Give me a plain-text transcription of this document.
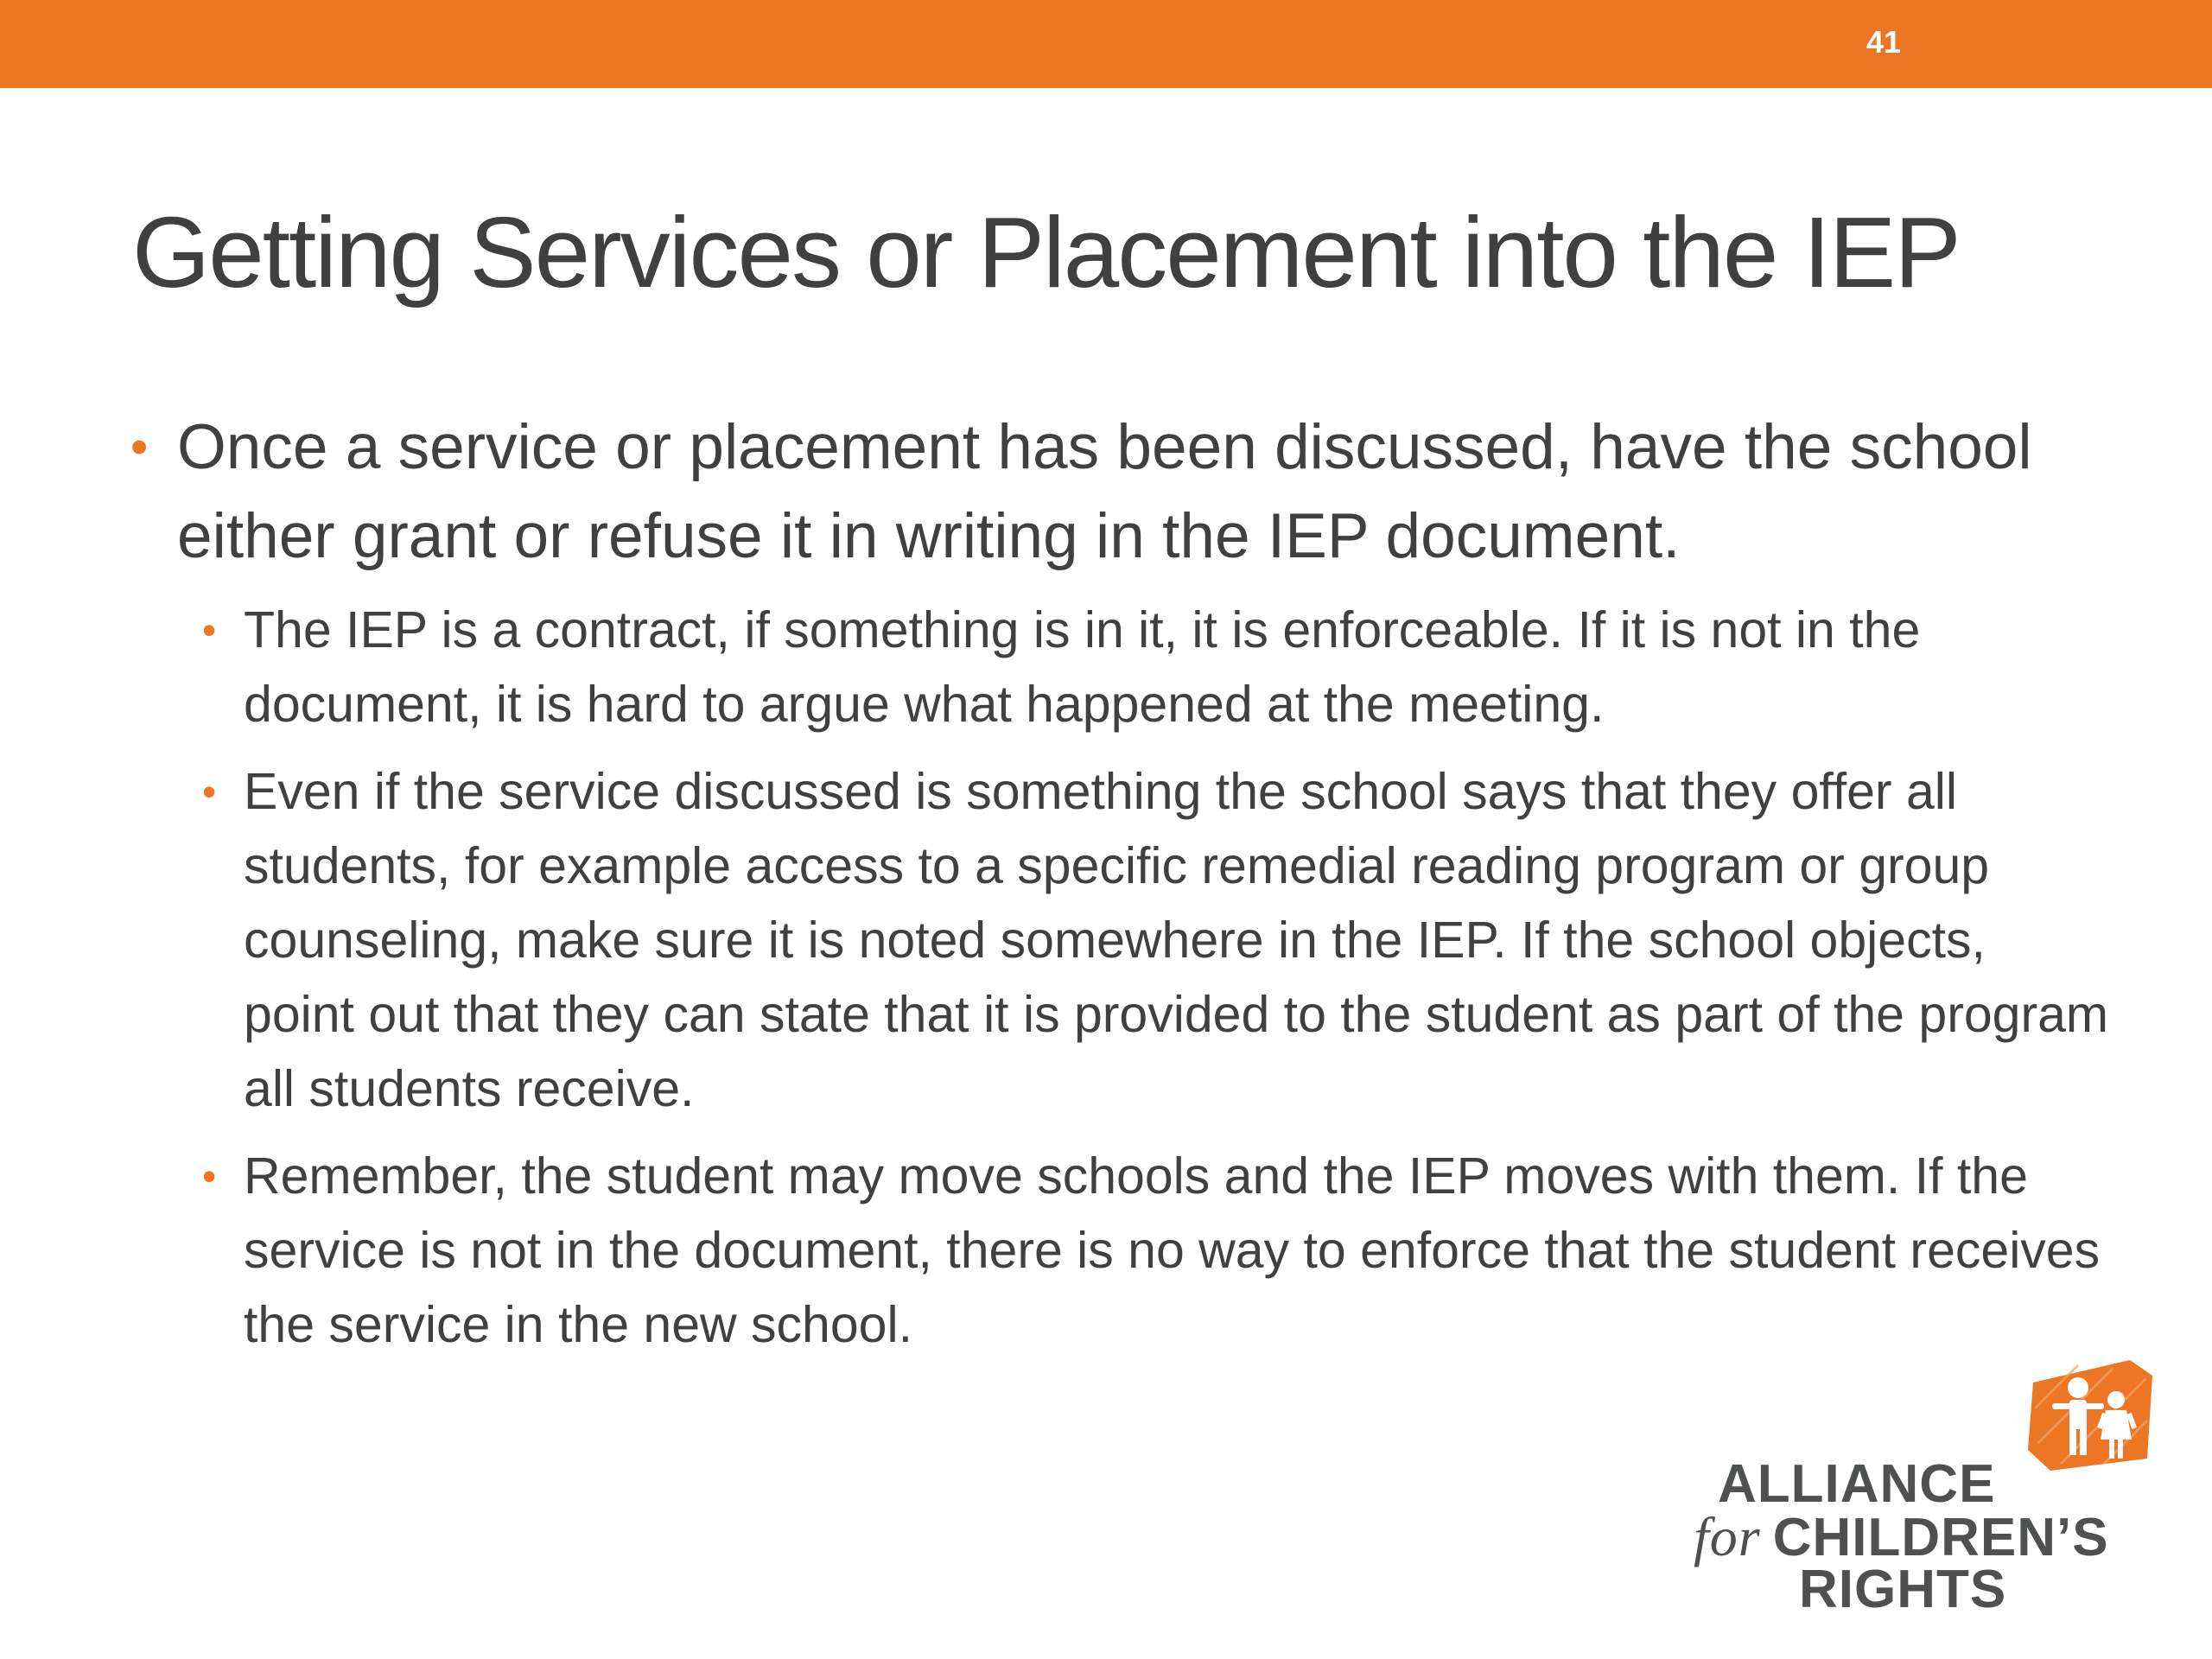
41
Getting Services or Placement into the IEP

• Once a service or placement has been discussed, have the school either grant or refuse it in writing in the IEP document.

• The IEP is a contract, if something is in it, it is enforceable. If it is not in the document, it is hard to argue what happened at the meeting.

• Even if the service discussed is something the school says that they offer all students, for example access to a specific remedial reading program or group counseling, make sure it is noted somewhere in the IEP. If the school objects, point out that they can state that it is provided to the student as part of the program all students receive.

• Remember, the student may move schools and the IEP moves with them. If the service is not in the document, there is no way to enforce that the student receives the service in the new school.

ALLIANCE
for CHILDREN’S
RIGHTS
